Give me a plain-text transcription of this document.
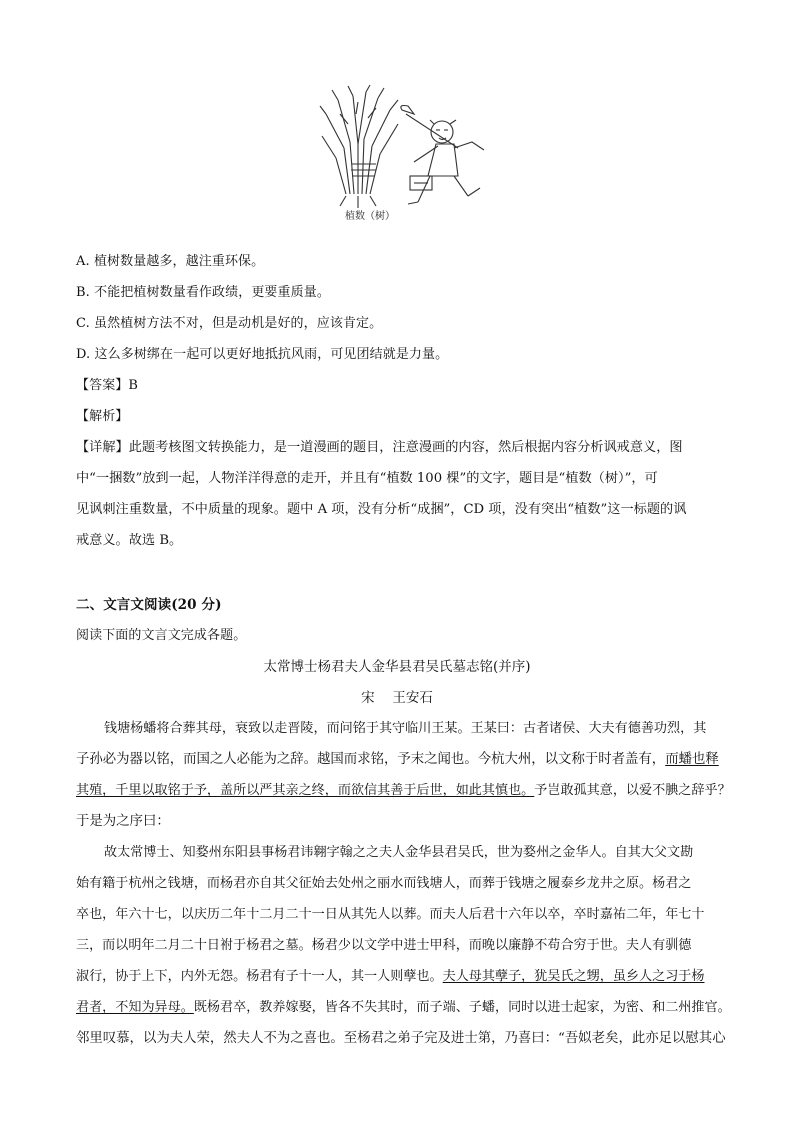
植数（树）
A. 植树数量越多，越注重环保。
B. 不能把植树数量看作政绩，更要重质量。
C. 虽然植树方法不对，但是动机是好的，应该肯定。
D. 这么多树绑在一起可以更好地抵抗风雨，可见团结就是力量。
【答案】B
【解析】
【详解】此题考核图文转换能力，是一道漫画的题目，注意漫画的内容，然后根据内容分析讽戒意义，图
中“一捆数”放到一起，人物洋洋得意的走开，并且有“植数 100 棵”的文字，题目是“植数（树）”，可
见讽刺注重数量，不中质量的现象。题中 A 项，没有分析“成捆”，CD 项，没有突出“植数”这一标题的讽
戒意义。故选 B。
二、文言文阅读(20 分)
阅读下面的文言文完成各题。
太常博士杨君夫人金华县君吴氏墓志铭(并序)
宋　 王安石
钱塘杨蟠将合葬其母，衰致以走晋陵，而问铭于其守临川王某。王某曰：古者诸侯、大夫有德善功烈，其
子孙必为器以铭，而国之人必能为之辞。越国而求铭，予末之闻也。今杭大州，以文称于时者盖有，而蟠也释
其殖，千里以取铭于予，盖所以严其亲之终，而欲信其善于后世，如此其慎也。予岂敢孤其意，以爱不腆之辞乎？
于是为之序曰：
故太常博士、知婺州东阳县事杨君讳翱字翰之之夫人金华县君吴氏，世为婺州之金华人。自其大父文勘
始有籍于杭州之钱塘，而杨君亦自其父征始去处州之丽水而钱塘人，而葬于钱塘之履泰乡龙井之原。杨君之
卒也，年六十七，以庆历二年十二月二十一日从其先人以葬。而夫人后君十六年以卒，卒时嘉祐二年，年七十
三，而以明年二月二十日祔于杨君之墓。杨君少以文学中进士甲科，而晚以廉静不苟合穷于世。夫人有驯德
淑行，协于上下，内外无怨。杨君有子十一人，其一人则孽也。夫人母其孽子，犹吴氏之甥，虽乡人之习于杨
君者，不知为异母。既杨君卒，教养嫁娶，皆各不失其时，而子端、子蟠，同时以进士起家，为密、和二州推官。
邻里叹慕，以为夫人荣，然夫人不为之喜也。至杨君之弟子完及进士第，乃喜曰：“吾姒老矣，此亦足以慰其心
